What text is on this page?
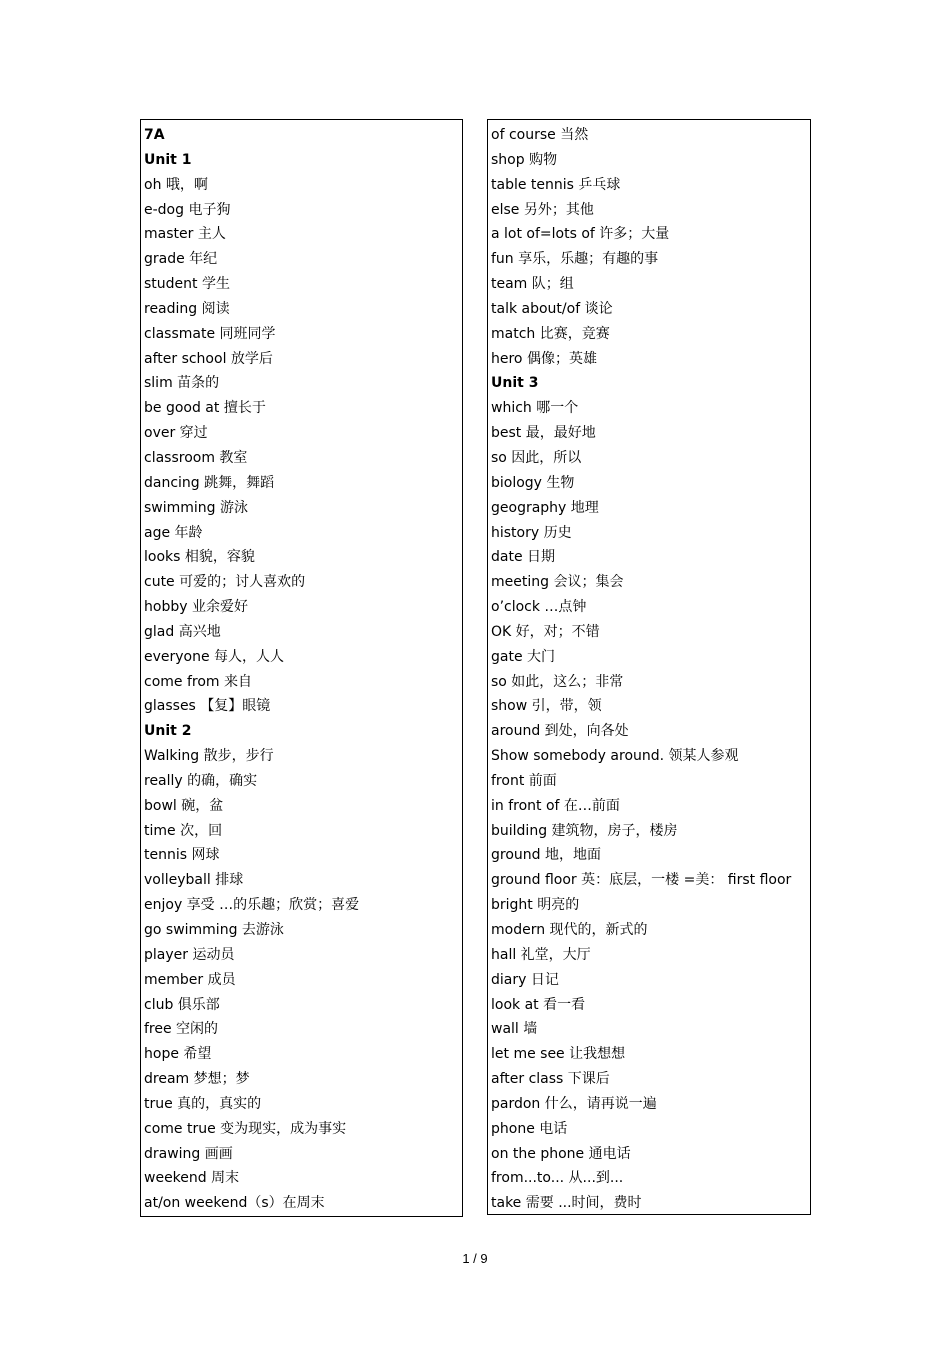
7A
Unit 1
oh 哦，啊
e-dog 电子狗
master 主人
grade 年纪
student 学生
reading 阅读
classmate 同班同学
after school 放学后
slim 苗条的
be good at 擅长于
over 穿过
classroom 教室
dancing 跳舞，舞蹈
swimming 游泳
age 年龄
looks 相貌，容貌
cute 可爱的；讨人喜欢的
hobby 业余爱好
glad 高兴地
everyone 每人，人人
come from 来自
glasses 【复】眼镜
Unit 2
Walking 散步，步行
really 的确，确实
bowl 碗，盆
time 次，回
tennis 网球
volleyball 排球
enjoy 享受 …的乐趣；欣赏；喜爱
go swimming 去游泳
player 运动员
member 成员
club 俱乐部
free 空闲的
hope 希望
dream 梦想；梦
true 真的，真实的
come true 变为现实，成为事实
drawing 画画
weekend 周末
at/on weekend（s）在周末
of course 当然
shop 购物
table tennis 乒乓球
else 另外；其他
a lot of=lots of 许多；大量
fun 享乐，乐趣；有趣的事
team 队；组
talk about/of 谈论
match 比赛，竞赛
hero 偶像；英雄
Unit 3
which 哪一个
best 最，最好地
so 因此，所以
biology 生物
geography 地理
history 历史
date 日期
meeting 会议；集会
o’clock …点钟
OK 好，对；不错
gate 大门
so 如此，这么；非常
show 引，带，领
around 到处，向各处
Show somebody around. 领某人参观
front 前面
in front of 在…前面
building 建筑物，房子，楼房
ground 地，地面
ground floor 英：底层，一楼 =美： first floor
bright 明亮的
modern 现代的，新式的
hall 礼堂，大厅
diary 日记
look at 看一看
wall 墙
let me see 让我想想
after class 下课后
pardon 什么，请再说一遍
phone 电话
on the phone 通电话
from...to... 从...到...
take 需要 ...时间，费时
1 / 9
